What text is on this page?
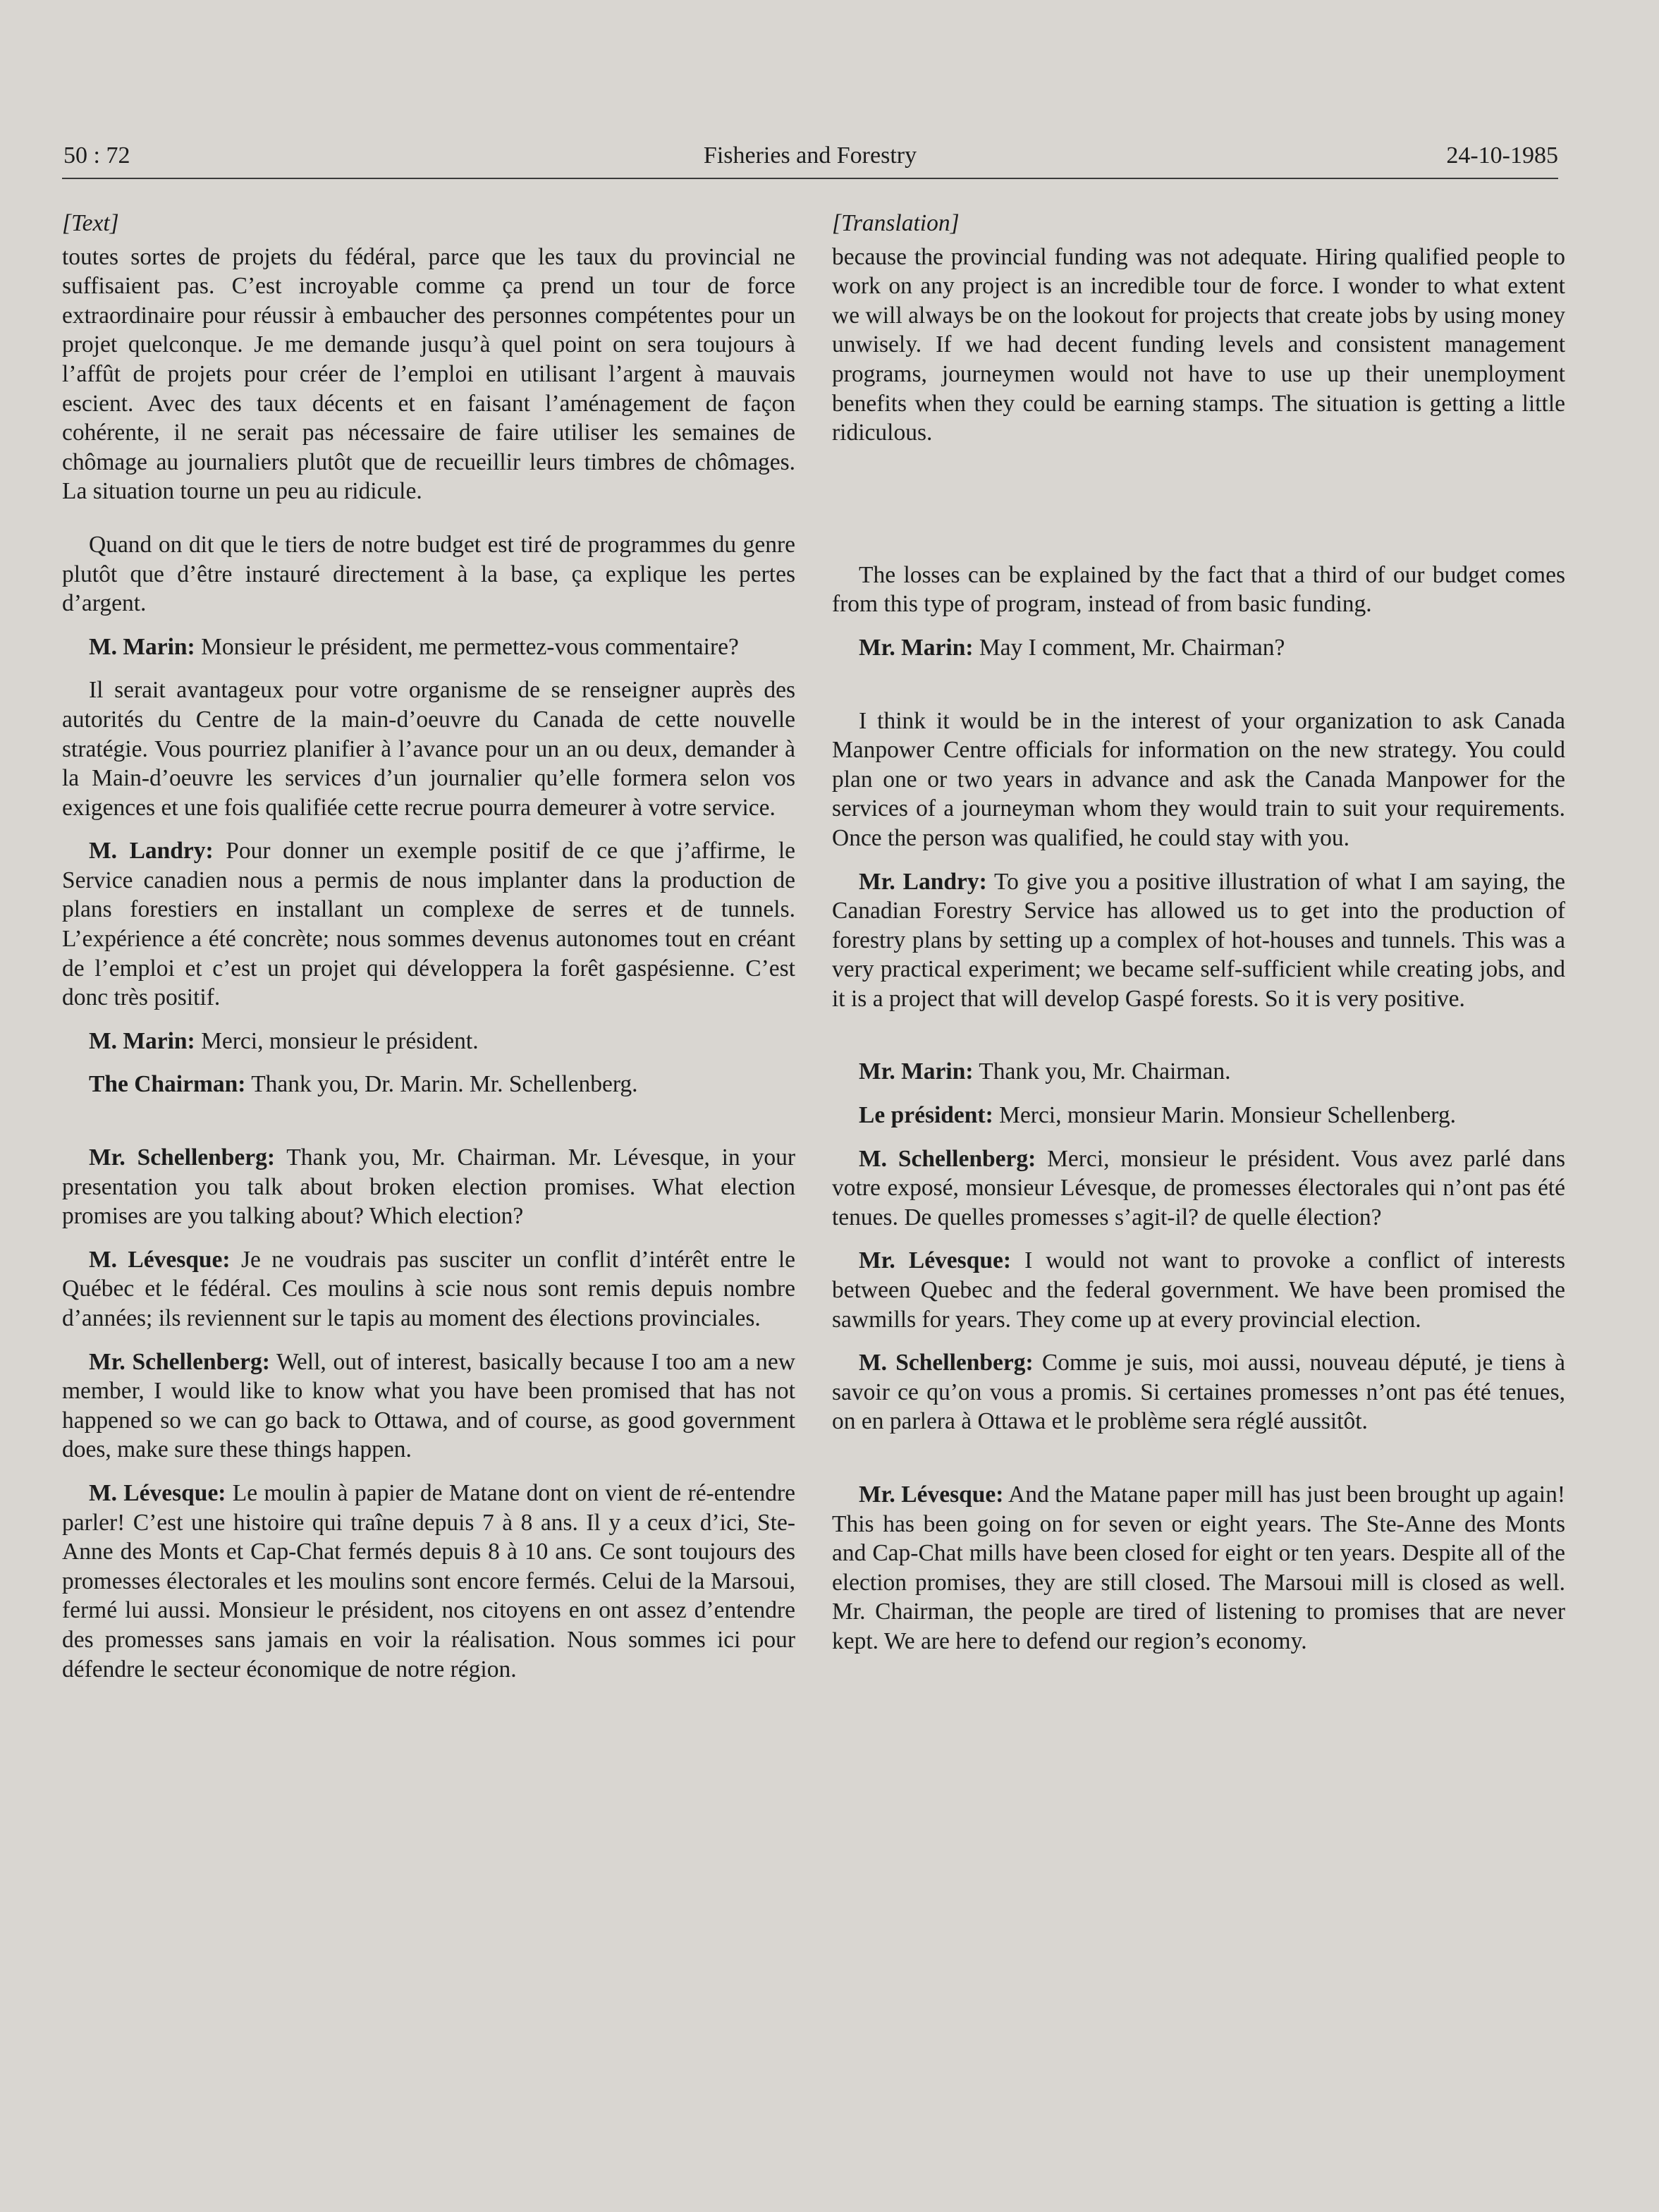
50 : 72	Fisheries and Forestry	24-10-1985

[Text]

toutes sortes de projets du fédéral, parce que les taux du provincial ne suffisaient pas. C’est incroyable comme ça prend un tour de force extraordinaire pour réussir à embaucher des personnes compétentes pour un projet quelconque. Je me demande jusqu’à quel point on sera toujours à l’affût de projets pour créer de l’emploi en utilisant l’argent à mauvais escient. Avec des taux décents et en faisant l’aménagement de façon cohérente, il ne serait pas nécessaire de faire utiliser les semaines de chômage au journaliers plutôt que de recueillir leurs timbres de chômages. La situation tourne un peu au ridicule.

Quand on dit que le tiers de notre budget est tiré de programmes du genre plutôt que d’être instauré directement à la base, ça explique les pertes d’argent.

M. Marin: Monsieur le président, me permettez-vous commentaire?

Il serait avantageux pour votre organisme de se renseigner auprès des autorités du Centre de la main-d’oeuvre du Canada de cette nouvelle stratégie. Vous pourriez planifier à l’avance pour un an ou deux, demander à la Main-d’oeuvre les services d’un journalier qu’elle formera selon vos exigences et une fois qualifiée cette recrue pourra demeurer à votre service.

M. Landry: Pour donner un exemple positif de ce que j’affirme, le Service canadien nous a permis de nous implanter dans la production de plans forestiers en installant un complexe de serres et de tunnels. L’expérience a été concrète; nous sommes devenus autonomes tout en créant de l’emploi et c’est un projet qui développera la forêt gaspésienne. C’est donc très positif.

M. Marin: Merci, monsieur le président.

The Chairman: Thank you, Dr. Marin. Mr. Schellenberg.

Mr. Schellenberg: Thank you, Mr. Chairman. Mr. Lévesque, in your presentation you talk about broken election promises. What election promises are you talking about? Which election?

M. Lévesque: Je ne voudrais pas susciter un conflit d’intérêt entre le Québec et le fédéral. Ces moulins à scie nous sont remis depuis nombre d’années; ils reviennent sur le tapis au moment des élections provinciales.

Mr. Schellenberg: Well, out of interest, basically because I too am a new member, I would like to know what you have been promised that has not happened so we can go back to Ottawa, and of course, as good government does, make sure these things happen.

M. Lévesque: Le moulin à papier de Matane dont on vient de ré-entendre parler! C’est une histoire qui traîne depuis 7 à 8 ans. Il y a ceux d’ici, Ste-Anne des Monts et Cap-Chat fermés depuis 8 à 10 ans. Ce sont toujours des promesses électorales et les moulins sont encore fermés. Celui de la Marsoui, fermé lui aussi. Monsieur le président, nos citoyens en ont assez d’entendre des promesses sans jamais en voir la réalisation. Nous sommes ici pour défendre le secteur économique de notre région.

[Translation]

because the provincial funding was not adequate. Hiring qualified people to work on any project is an incredible tour de force. I wonder to what extent we will always be on the lookout for projects that create jobs by using money unwisely. If we had decent funding levels and consistent management programs, journeymen would not have to use up their unemployment benefits when they could be earning stamps. The situation is getting a little ridiculous.

The losses can be explained by the fact that a third of our budget comes from this type of program, instead of from basic funding.

Mr. Marin: May I comment, Mr. Chairman?

I think it would be in the interest of your organization to ask Canada Manpower Centre officials for information on the new strategy. You could plan one or two years in advance and ask the Canada Manpower for the services of a journeyman whom they would train to suit your requirements. Once the person was qualified, he could stay with you.

Mr. Landry: To give you a positive illustration of what I am saying, the Canadian Forestry Service has allowed us to get into the production of forestry plans by setting up a complex of hot-houses and tunnels. This was a very practical experiment; we became self-sufficient while creating jobs, and it is a project that will develop Gaspé forests. So it is very positive.

Mr. Marin: Thank you, Mr. Chairman.

Le président: Merci, monsieur Marin. Monsieur Schellenberg.

M. Schellenberg: Merci, monsieur le président. Vous avez parlé dans votre exposé, monsieur Lévesque, de promesses électorales qui n’ont pas été tenues. De quelles promesses s’agit-il? de quelle élection?

Mr. Lévesque: I would not want to provoke a conflict of interests between Quebec and the federal government. We have been promised the sawmills for years. They come up at every provincial election.

M. Schellenberg: Comme je suis, moi aussi, nouveau député, je tiens à savoir ce qu’on vous a promis. Si certaines promesses n’ont pas été tenues, on en parlera à Ottawa et le problème sera réglé aussitôt.

Mr. Lévesque: And the Matane paper mill has just been brought up again! This has been going on for seven or eight years. The Ste-Anne des Monts and Cap-Chat mills have been closed for eight or ten years. Despite all of the election promises, they are still closed. The Marsoui mill is closed as well. Mr. Chairman, the people are tired of listening to promises that are never kept. We are here to defend our region’s economy.
